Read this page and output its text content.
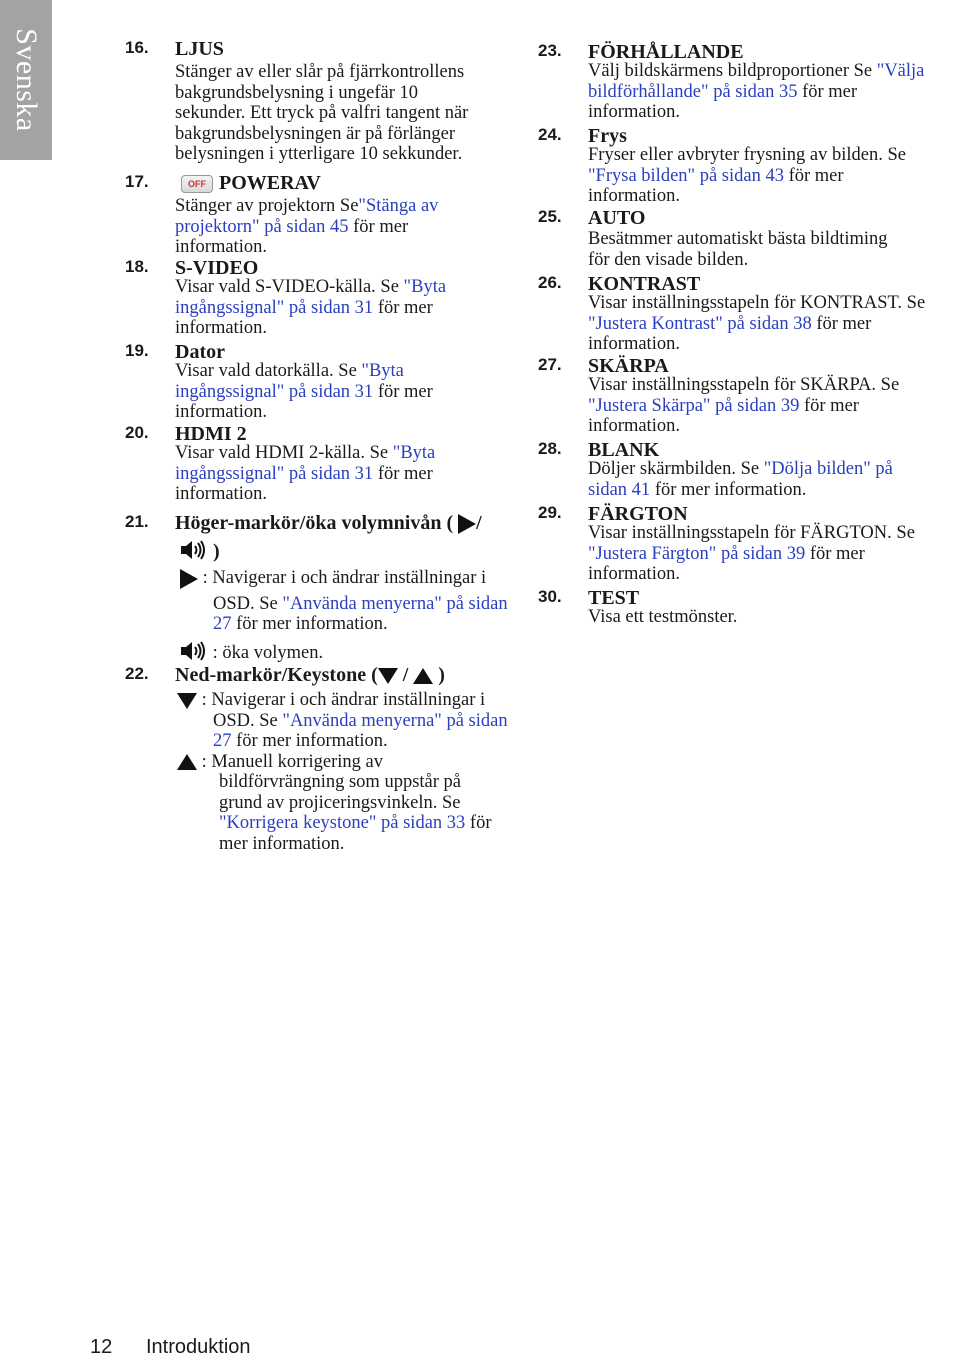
Svenska	16. LJUS
Stänger av eller slår på fjärrkontrollens
bakgrundsbelysning i ungefär 10
sekunder. Ett tryck på valfri tangent när
bakgrundsbelysningen är på förlänger
belysningen i ytterligare 10 sekkunder.
17.	OFF POWERAV
Stänger av projektorn Se"Stänga av
projektorn" på sidan 45 för mer
information.
18. S-VIDEO
Visar vald S-VIDEO-källa. Se "Byta
ingångssignal" på sidan 31 för mer
information.
19. Dator
Visar vald datorkälla. Se "Byta
ingångssignal" på sidan 31 för mer
information.
20. HDMI 2
Visar vald HDMI 2-källa. Se "Byta
ingångssignal" på sidan 31 för mer
information.
21. Höger-markör/öka volymnivån ( /
)
: Navigerar i och ändrar inställningar i
OSD. Se "Använda menyerna" på sidan
27 för mer information.
: öka volymen.
22. Ned-markör/Keystone ( / )
: Navigerar i och ändrar inställningar i
OSD. Se "Använda menyerna" på sidan
27 för mer information.
: Manuell korrigering av
bildförvrängning som uppstår på
grund av projiceringsvinkeln. Se
"Korrigera keystone" på sidan 33 för
mer information.
23. FÖRHÅLLANDE
Välj bildskärmens bildproportioner Se "Välja
bildförhållande" på sidan 35 för mer
information.
24. Frys
Fryser eller avbryter frysning av bilden. Se
"Frysa bilden" på sidan 43 för mer
information.
25. AUTO
Besätmmer automatiskt bästa bildtiming
för den visade bilden.
26. KONTRAST
Visar inställningsstapeln för KONTRAST. Se
"Justera Kontrast" på sidan 38 för mer
information.
27. SKÄRPA
Visar inställningsstapeln för SKÄRPA. Se
"Justera Skärpa" på sidan 39 för mer
information.
28. BLANK
Döljer skärmbilden. Se "Dölja bilden" på
sidan 41 för mer information.
29. FÄRGTON
Visar inställningsstapeln för FÄRGTON. Se
"Justera Färgton" på sidan 39 för mer
information.
30. TEST
Visa ett testmönster.
12 Introduktion
